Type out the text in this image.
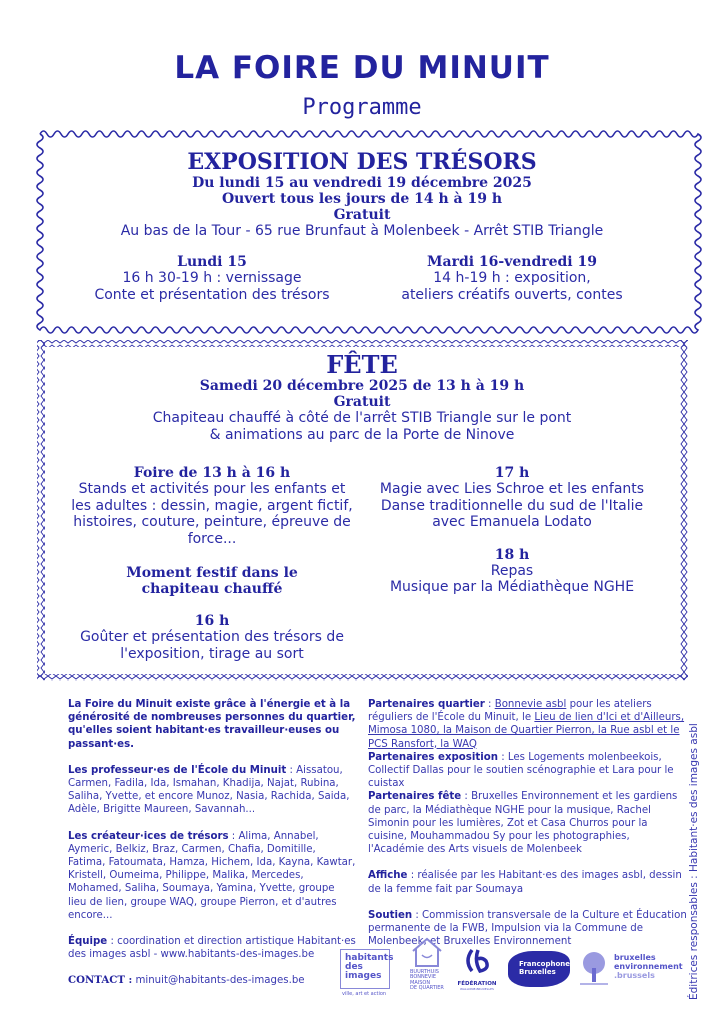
LA FOIRE DU MINUIT
Programme
EXPOSITION DES TRÉSORS
Du lundi 15 au vendredi 19 décembre 2025
Ouvert tous les jours de 14 h à 19 h
Gratuit
Au bas de la Tour - 65 rue Brunfaut à Molenbeek - Arrêt STIB Triangle
Lundi 15
16 h 30-19 h : vernissage
Conte et présentation des trésors
Mardi 16-vendredi 19
14 h-19 h : exposition,
ateliers créatifs ouverts, contes
FÊTE
Samedi 20 décembre 2025 de 13 h à 19 h
Gratuit
Chapiteau chauffé à côté de l'arrêt STIB Triangle sur le pont
& animations au parc de la Porte de Ninove
Foire de 13 h à 16 h
Stands et activités pour les enfants et les adultes : dessin, magie, argent fictif, histoires, couture, peinture, épreuve de force...
Moment festif dans le chapiteau chauffé
16 h
Goûter et présentation des trésors de l'exposition, tirage au sort
17 h
Magie avec Lies Schroe et les enfants
Danse traditionnelle du sud de l'Italie
avec Emanuela Lodato
18 h
Repas
Musique par la Médiathèque NGHE

La Foire du Minuit existe grâce à l'énergie et à la générosité de nombreuses personnes du quartier, qu'elles soient habitant·es travailleur·euses ou passant·es.

Les professeur·es de l'École du Minuit : Aissatou, Carmen, Fadila, Ida, Ismahan, Khadija, Najat, Rubina, Saliha, Yvette, et encore Munoz, Nasia, Rachida, Saida, Adèle, Brigitte Maureen, Savannah...

Les créateur·ices de trésors : Alima, Annabel, Aymeric, Belkiz, Braz, Carmen, Chafia, Domitille, Fatima, Fatoumata, Hamza, Hichem, Ida, Kayna, Kawtar, Kristell, Oumeima, Philippe, Malika, Mercedes, Mohamed, Saliha, Soumaya, Yamina, Yvette, groupe lieu de lien, groupe WAQ, groupe Pierron, et d'autres encore...

Équipe : coordination et direction artistique Habitant·es des images asbl - www.habitants-des-images.be

CONTACT : minuit@habitants-des-images.be

Partenaires quartier : Bonnevie asbl pour les ateliers réguliers de l'École du Minuit, le Lieu de lien d'Ici et d'Ailleurs, Mimosa 1080, la Maison de Quartier Pierron, la Rue asbl et le PCS Ransfort, la WAQ

Partenaires exposition : Les Logements molenbeekois, Collectif Dallas pour le soutien scénographie et Lara pour le cuistax

Partenaires fête : Bruxelles Environnement et les gardiens de parc, la Médiathèque NGHE pour la musique, Rachel Simonin pour les lumières, Zot et Casa Churros pour la cuisine, Mouhammadou Sy pour les photographies, l'Académie des Arts visuels de Molenbeek

Affiche : réalisée par les Habitant·es des images asbl, dessin de la femme fait par Soumaya

Soutien : Commission transversale de la Culture et Éducation permanente de la FWB, Impulsion via la Commune de Molenbeek, et Bruxelles Environnement	Éditrices responsables : Habitant·es des images asbl
habitants
des
images
ville, art et action
BUURTHUIS
BONNEVIE
MAISON
DE QUARTIER
FÉDÉRATION
WALLONIE-BRUXELLES
Francophones
Bruxelles
bruxelles
environnement
.brussels
